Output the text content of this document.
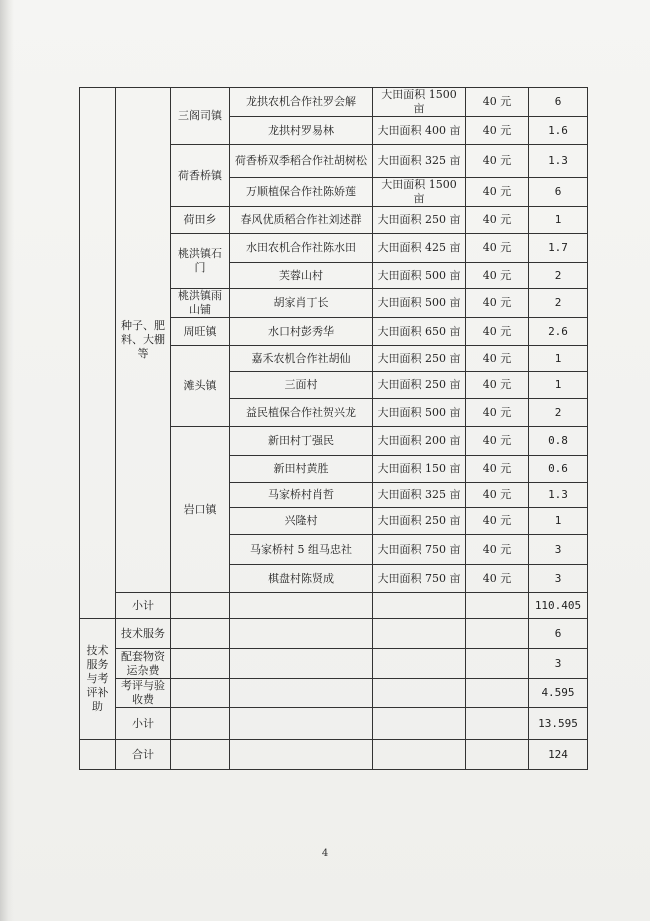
	种子、肥料、大棚等	三阁司镇	龙拱农机合作社罗会解	大田面积 1500 亩	40 元	6
			龙拱村罗易林	大田面积 400 亩	40 元	1.6
		荷香桥镇	荷香桥双季稻合作社胡树松	大田面积 325 亩	40 元	1.3
			万顺植保合作社陈娇莲	大田面积 1500 亩	40 元	6
		荷田乡	春风优质稻合作社刘述群	大田面积 250 亩	40 元	1
		桃洪镇石门	水田农机合作社陈水田	大田面积 425 亩	40 元	1.7
			芙蓉山村	大田面积 500 亩	40 元	2
		桃洪镇雨山铺	胡家肖丁长	大田面积 500 亩	40 元	2
		周旺镇	水口村彭秀华	大田面积 650 亩	40 元	2.6
		滩头镇	嘉禾农机合作社胡仙	大田面积 250 亩	40 元	1
			三面村	大田面积 250 亩	40 元	1
			益民植保合作社贺兴龙	大田面积 500 亩	40 元	2
		岩口镇	新田村丁强民	大田面积 200 亩	40 元	0.8
			新田村黄胜	大田面积 150 亩	40 元	0.6
			马家桥村肖哲	大田面积 325 亩	40 元	1.3
			兴隆村	大田面积 250 亩	40 元	1
			马家桥村 5 组马忠社	大田面积 750 亩	40 元	3
			棋盘村陈贤成	大田面积 750 亩	40 元	3
	小计					110.405
技术服务与考评补助	技术服务					6
	配套物资运杂费					3
	考评与验收费					4.595
	小计					13.595
	合计					124
4
